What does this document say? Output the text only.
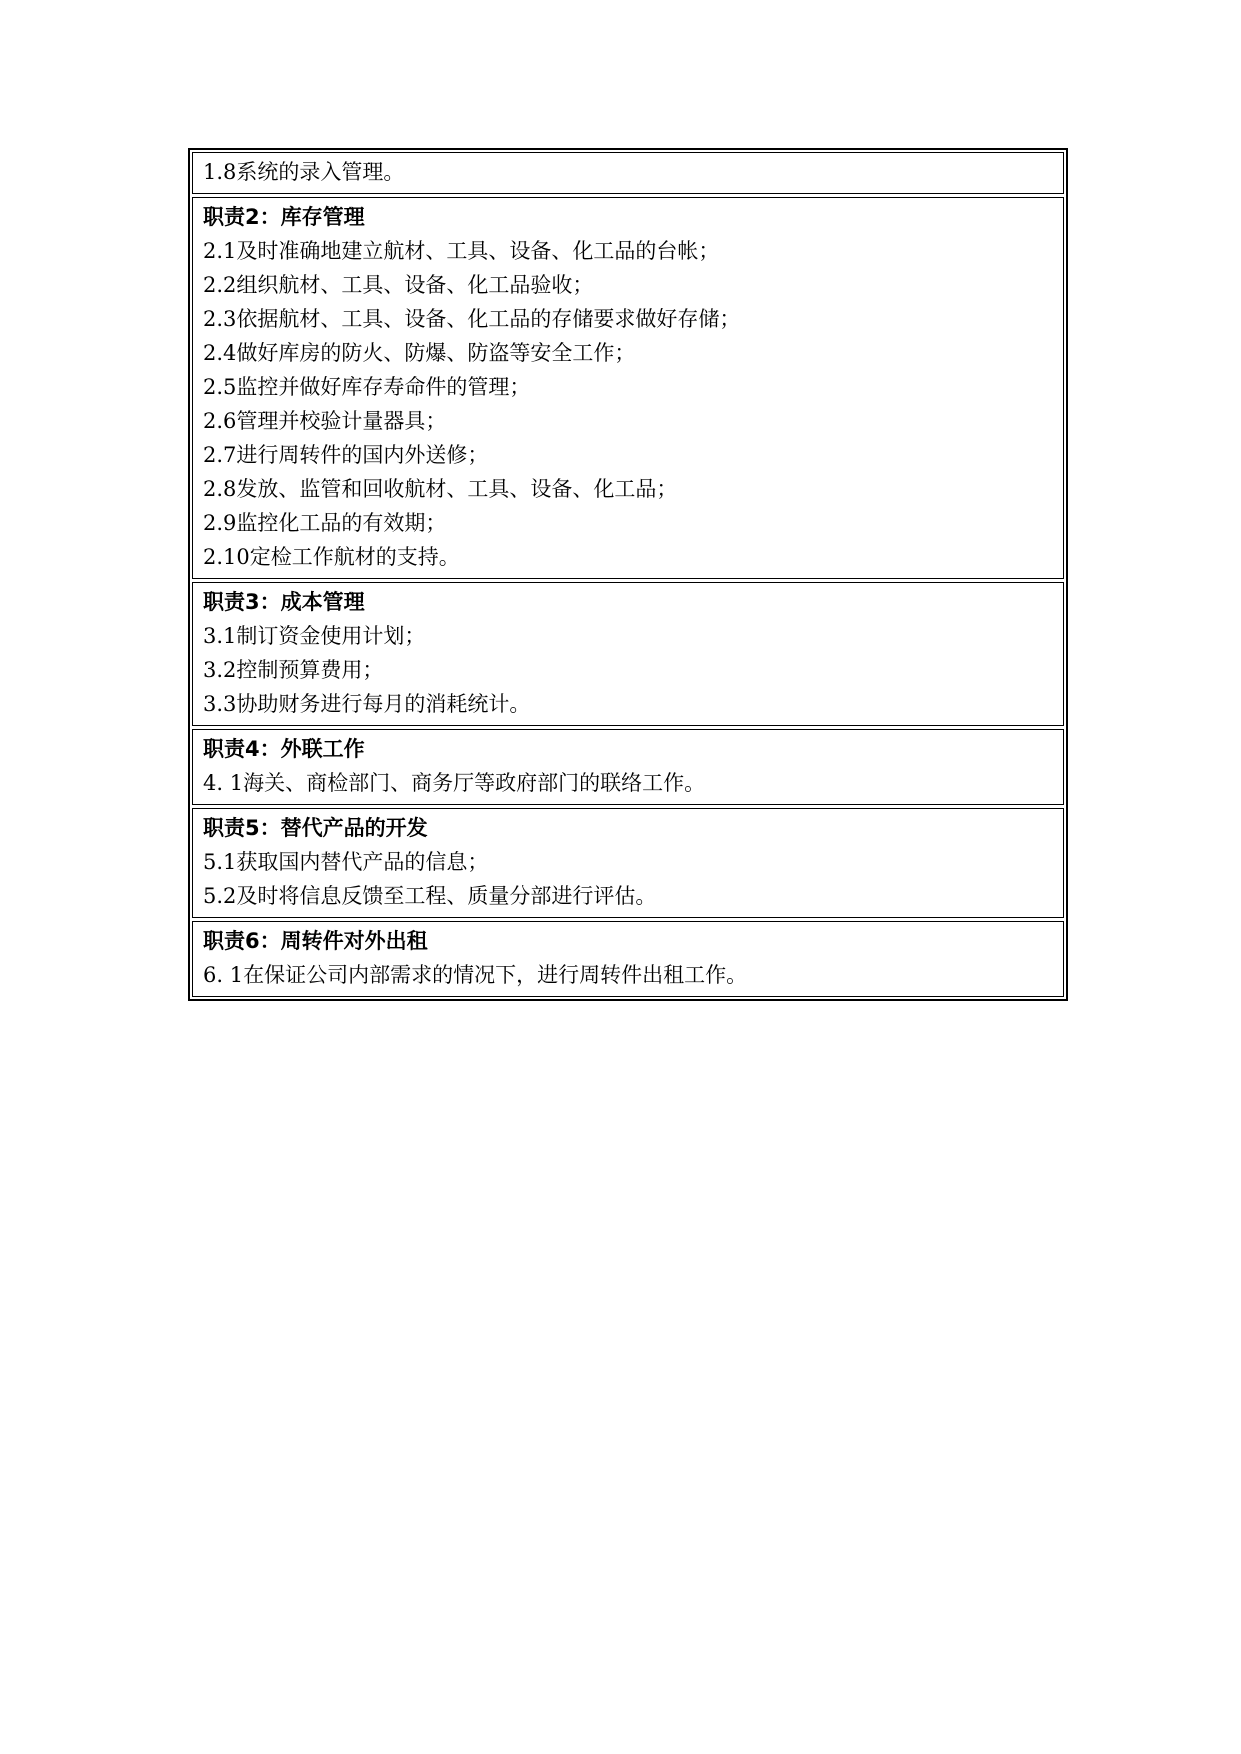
1.8系统的录入管理。
职责2：库存管理
2.1及时准确地建立航材、工具、设备、化工品的台帐；
2.2组织航材、工具、设备、化工品验收；
2.3依据航材、工具、设备、化工品的存储要求做好存储；
2.4做好库房的防火、防爆、防盗等安全工作；
2.5监控并做好库存寿命件的管理；
2.6管理并校验计量器具；
2.7进行周转件的国内外送修；
2.8发放、监管和回收航材、工具、设备、化工品；
2.9监控化工品的有效期；
2.10定检工作航材的支持。
职责3：成本管理
3.1制订资金使用计划；
3.2控制预算费用；
3.3协助财务进行每月的消耗统计。
职责4：外联工作
4. 1海关、商检部门、商务厅等政府部门的联络工作。
职责5：替代产品的开发
5.1获取国内替代产品的信息；
5.2及时将信息反馈至工程、质量分部进行评估。
职责6：周转件对外出租
6. 1在保证公司内部需求的情况下，进行周转件出租工作。
